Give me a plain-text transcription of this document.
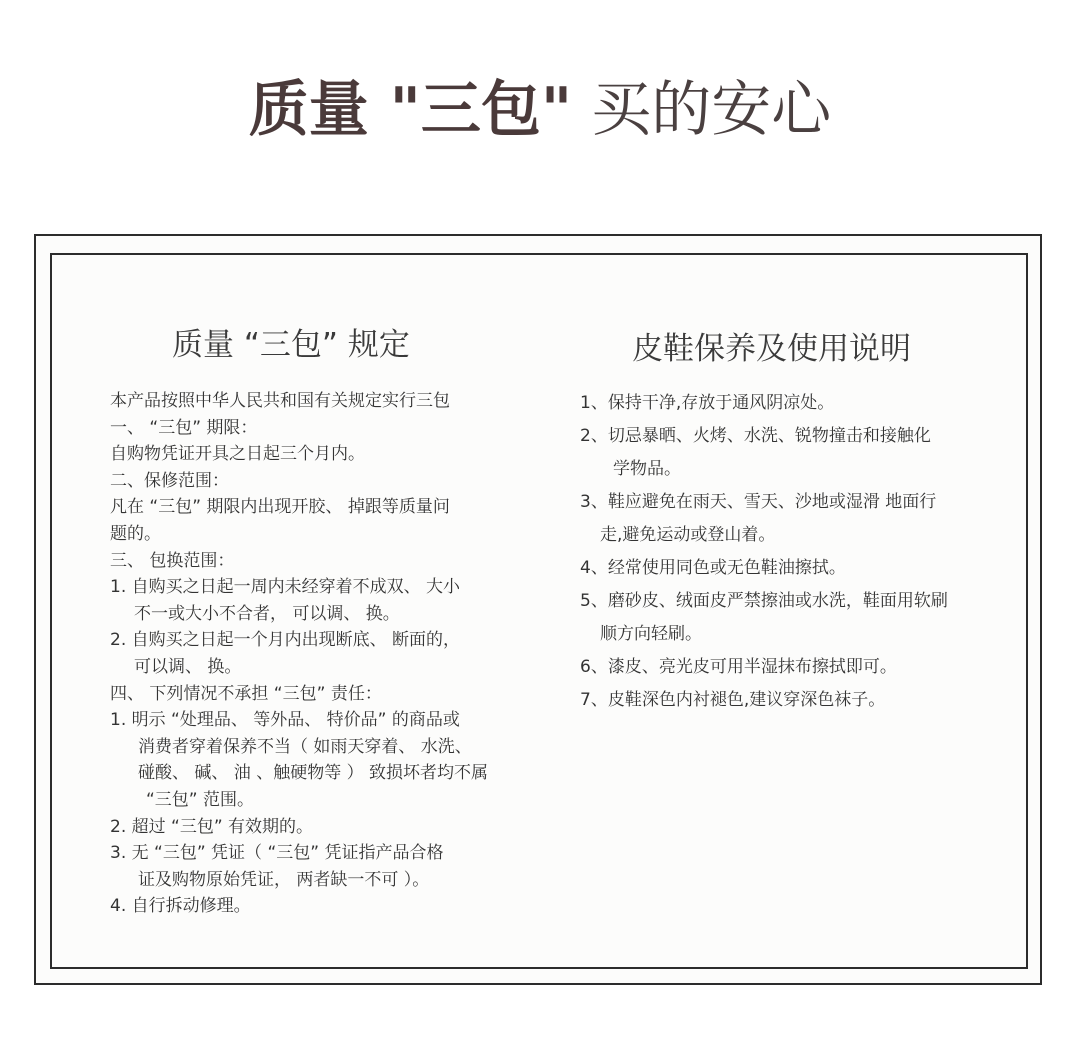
质量 "三包" 买的安心
质量 “三包” 规定
本产品按照中华人民共和国有关规定实行三包
一、 “三包” 期限：
自购物凭证开具之日起三个月内。
二、保修范围：
凡在 “三包” 期限内出现开胶、 掉跟等质量问
题的。
三、 包换范围：
1. 自购买之日起一周内未经穿着不成双、 大小
不一或大小不合者， 可以调、 换。
2. 自购买之日起一个月内出现断底、 断面的，
可以调、 换。
四、 下列情况不承担 “三包” 责任：
1. 明示 “处理品、 等外品、 特价品” 的商品或
消费者穿着保养不当（ 如雨天穿着、 水洗、
碰酸、 碱、 油 、触硬物等 ） 致损坏者均不属
“三包” 范围。
2. 超过 “三包” 有效期的。
3. 无 “三包” 凭证（ “三包” 凭证指产品合格
证及购物原始凭证， 两者缺一不可 ）。
4. 自行拆动修理。
皮鞋保养及使用说明
1、保持干净,存放于通风阴凉处。
2、切忌暴晒、火烤、水洗、锐物撞击和接触化
学物品。
3、鞋应避免在雨天、雪天、沙地或湿滑 地面行
走,避免运动或登山着。
4、经常使用同色或无色鞋油擦拭。
5、磨砂皮、绒面皮严禁擦油或水洗，鞋面用软刷
顺方向轻刷。
6、漆皮、亮光皮可用半湿抹布擦拭即可。
7、皮鞋深色内衬褪色,建议穿深色袜子。
